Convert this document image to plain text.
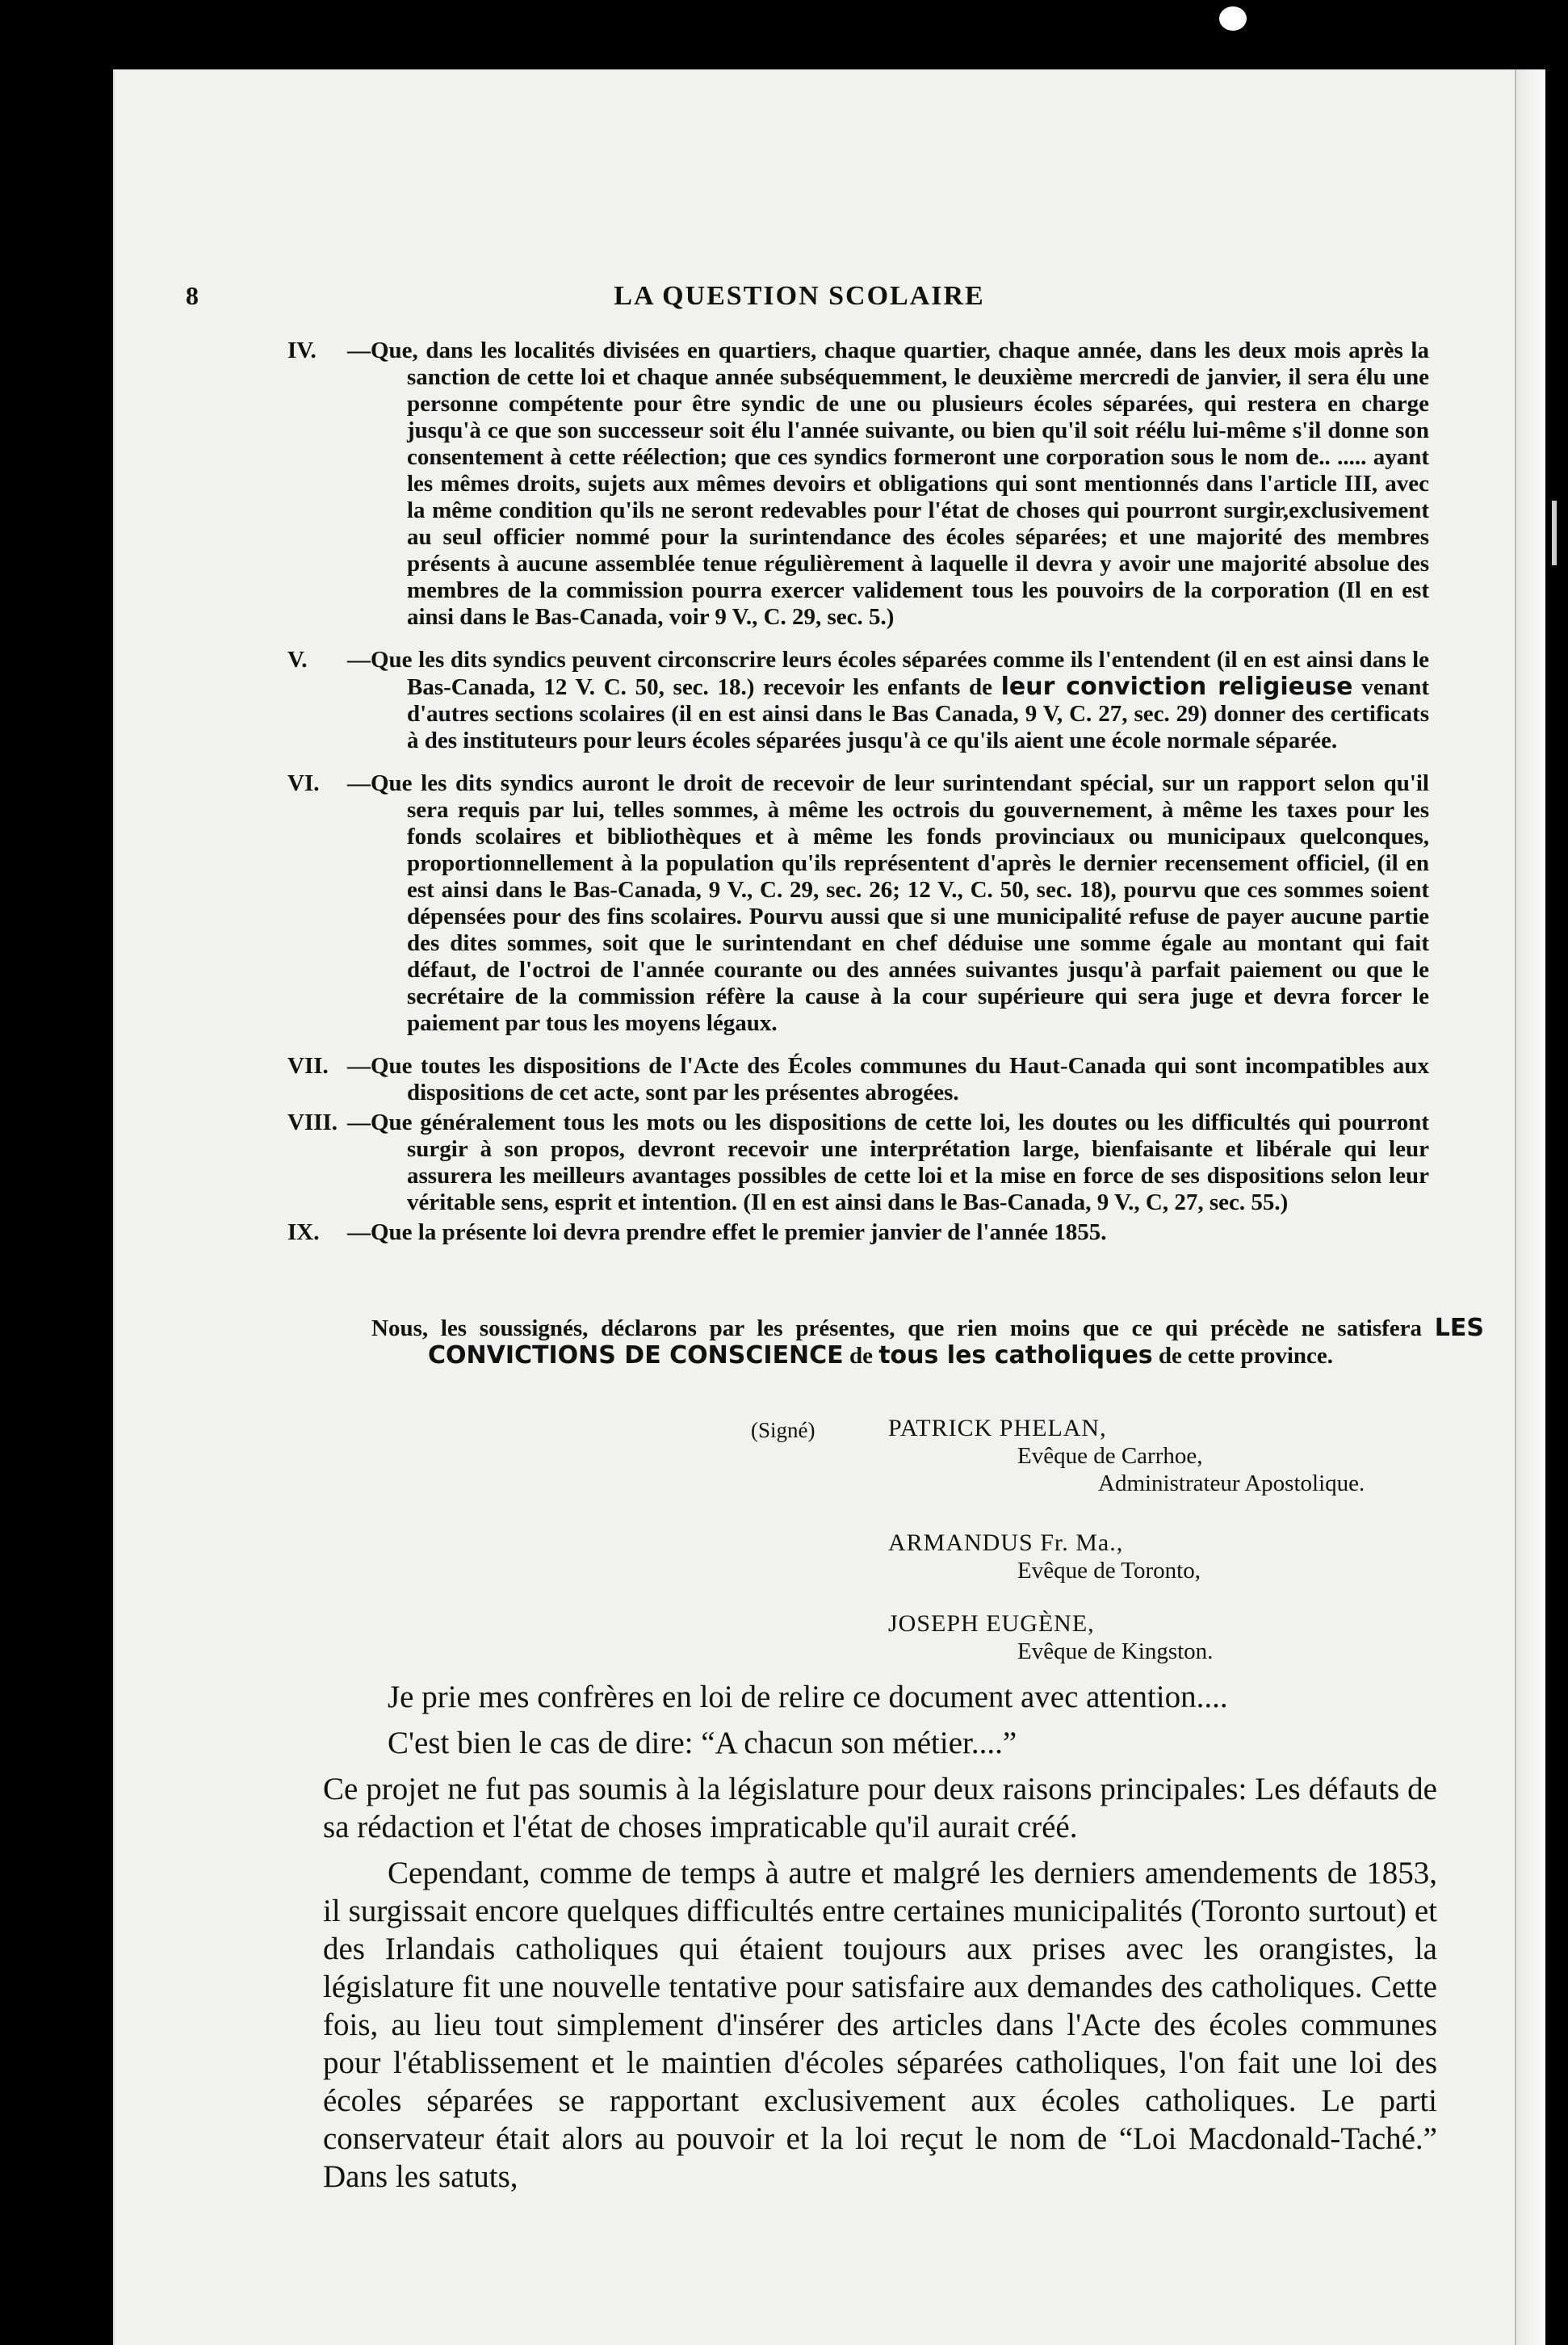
8	LA QUESTION SCOLAIRE
—Que, dans les localités divisées en quartiers, chaque quartier, chaque année, dans les deux mois après la sanction de cette loi et chaque année subséquemment, le deuxième mercredi de janvier, il sera élu une personne compétente pour être syndic de une ou plusieurs écoles séparées, qui restera en charge jusqu'à ce que son successeur soit élu l'année suivante, ou bien qu'il soit réélu lui-même s'il donne son consentement à cette réélection; que ces syndics formeront une corporation sous le nom de.. ..... ayant les mêmes droits, sujets aux mêmes devoirs et obligations qui sont mentionnés dans l'article III, avec la même condition qu'ils ne seront redevables pour l'état de choses qui pourront surgir,exclusivement au seul officier nommé pour la surintendance des écoles séparées; et une majorité des membres présents à aucune assemblée tenue régulièrement à laquelle il devra y avoir une majorité absolue des membres de la commission pourra exercer validement tous les pouvoirs de la corporation (Il en est ainsi dans le Bas-Canada, voir 9 V., C. 29, sec. 5.)
—Que les dits syndics peuvent circonscrire leurs écoles séparées comme ils l'entendent (il en est ainsi dans le Bas-Canada, 12 V. C. 50, sec. 18.) recevoir les enfants de leur conviction religieuse venant d'autres sections scolaires (il en est ainsi dans le Bas Canada, 9 V, C. 27, sec. 29) donner des certificats à des instituteurs pour leurs écoles séparées jusqu'à ce qu'ils aient une école normale séparée.
—Que les dits syndics auront le droit de recevoir de leur surintendant spécial, sur un rapport selon qu'il sera requis par lui, telles sommes, à même les octrois du gouvernement, à même les taxes pour les fonds scolaires et bibliothèques et à même les fonds provinciaux ou municipaux quelconques, proportionnellement à la population qu'ils représentent d'après le dernier recensement officiel, (il en est ainsi dans le Bas-Canada, 9 V., C. 29, sec. 26; 12 V., C. 50, sec. 18), pourvu que ces sommes soient dépensées pour des fins scolaires. Pourvu aussi que si une municipalité refuse de payer aucune partie des dites sommes, soit que le surintendant en chef déduise une somme égale au montant qui fait défaut, de l'octroi de l'année courante ou des années suivantes jusqu'à parfait paiement ou que le secrétaire de la commission réfère la cause à la cour supérieure qui sera juge et devra forcer le paiement par tous les moyens légaux.
—Que toutes les dispositions de l'Acte des Écoles communes du Haut-Canada qui sont incompatibles aux dispositions de cet acte, sont par les présentes abrogées.
—Que généralement tous les mots ou les dispositions de cette loi, les doutes ou les difficultés qui pourront surgir à son propos, devront recevoir une interprétation large, bienfaisante et libérale qui leur assurera les meilleurs avantages possibles de cette loi et la mise en force de ses dispositions selon leur véritable sens, esprit et intention. (Il en est ainsi dans le Bas-Canada, 9 V., C, 27, sec. 55.)
—Que la présente loi devra prendre effet le premier janvier de l'année 1855.
Nous, les soussignés, déclarons par les présentes, que rien moins que ce qui précède ne satisfera LES CONVICTIONS DE CONSCIENCE de tous les catholiques de cette province.
(Signé)	PATRICK PHELAN,
Evêque de Carrhoe,
Administrateur Apostolique.
ARMANDUS Fr. Ma.,
Evêque de Toronto,
JOSEPH EUGÈNE,
Evêque de Kingston.

Je prie mes confrères en loi de relire ce document avec attention....

C'est bien le cas de dire: “A chacun son métier....”

Ce projet ne fut pas soumis à la législature pour deux raisons principales: Les défauts de sa rédaction et l'état de choses impraticable qu'il aurait créé.

Cependant, comme de temps à autre et malgré les derniers amendements de 1853, il surgissait encore quelques difficultés entre certaines municipalités (Toronto surtout) et des Irlandais catholiques qui étaient toujours aux prises avec les orangistes, la législature fit une nouvelle tentative pour satisfaire aux demandes des catholiques. Cette fois, au lieu tout simplement d'insérer des articles dans l'Acte des écoles communes pour l'établissement et le maintien d'écoles séparées catholiques, l'on fait une loi des écoles séparées se rapportant exclusivement aux écoles catholiques. Le parti conservateur était alors au pouvoir et la loi reçut le nom de “Loi Macdonald-Taché.” Dans les satuts,
